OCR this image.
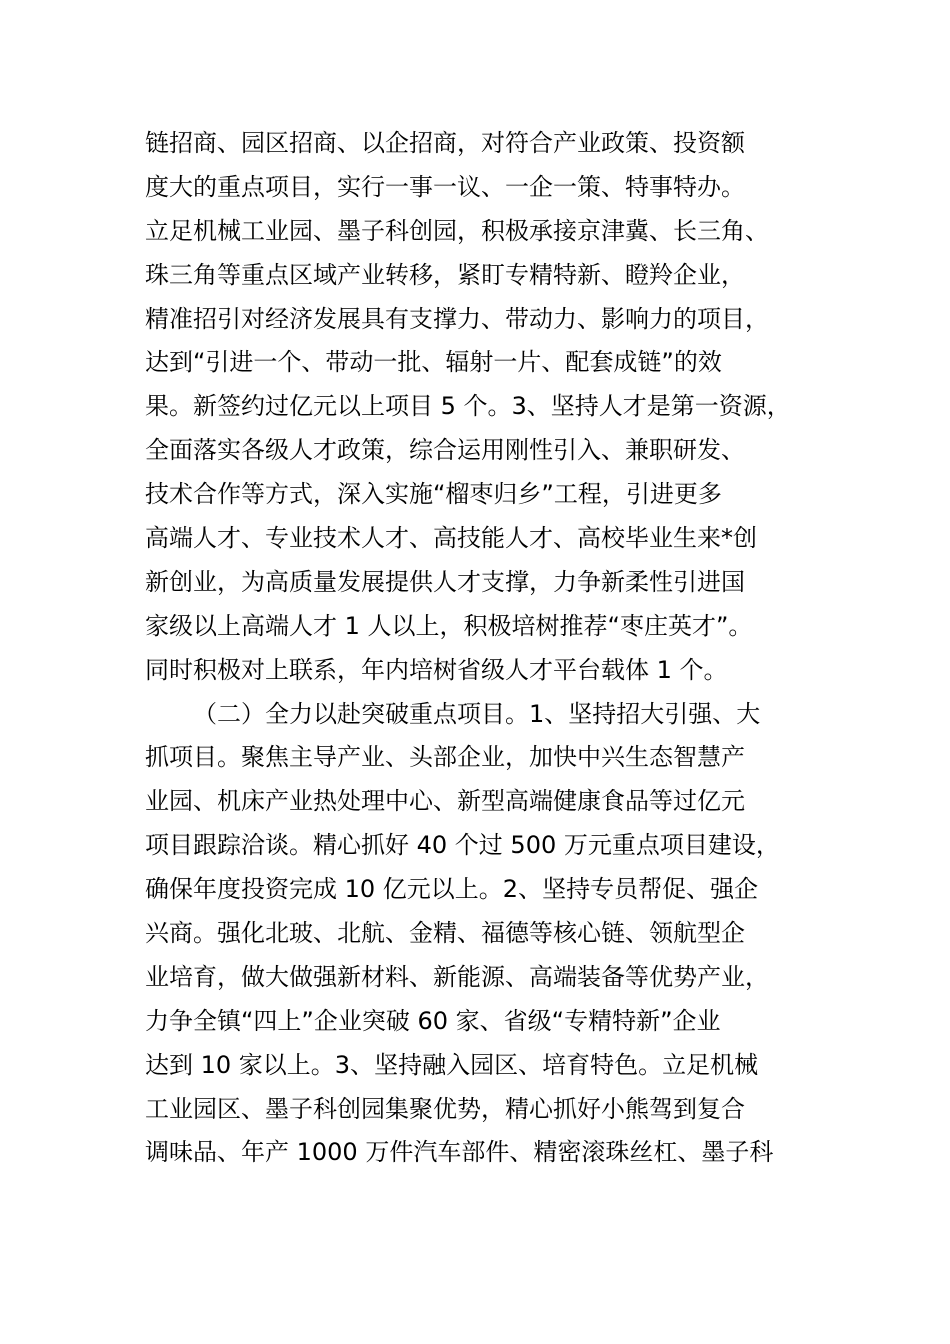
链招商、园区招商、以企招商，对符合产业政策、投资额
度大的重点项目，实行一事一议、一企一策、特事特办。
立足机械工业园、墨子科创园，积极承接京津冀、长三角、
珠三角等重点区域产业转移，紧盯专精特新、瞪羚企业，
精准招引对经济发展具有支撑力、带动力、影响力的项目，
达到“引进一个、带动一批、辐射一片、配套成链”的效
果。新签约过亿元以上项目 5 个。3、坚持人才是第一资源，
全面落实各级人才政策，综合运用刚性引入、兼职研发、
技术合作等方式，深入实施“榴枣归乡”工程，引进更多
高端人才、专业技术人才、高技能人才、高校毕业生来*创
新创业，为高质量发展提供人才支撑，力争新柔性引进国
家级以上高端人才 1 人以上，积极培树推荐“枣庄英才”。
同时积极对上联系，年内培树省级人才平台载体 1 个。
（二）全力以赴突破重点项目。1、坚持招大引强、大
抓项目。聚焦主导产业、头部企业，加快中兴生态智慧产
业园、机床产业热处理中心、新型高端健康食品等过亿元
项目跟踪洽谈。精心抓好 40 个过 500 万元重点项目建设，
确保年度投资完成 10 亿元以上。2、坚持专员帮促、强企
兴商。强化北玻、北航、金精、福德等核心链、领航型企
业培育，做大做强新材料、新能源、高端装备等优势产业，
力争全镇“四上”企业突破 60 家、省级“专精特新”企业
达到 10 家以上。3、坚持融入园区、培育特色。立足机械
工业园区、墨子科创园集聚优势，精心抓好小熊驾到复合
调味品、年产 1000 万件汽车部件、精密滚珠丝杠、墨子科
